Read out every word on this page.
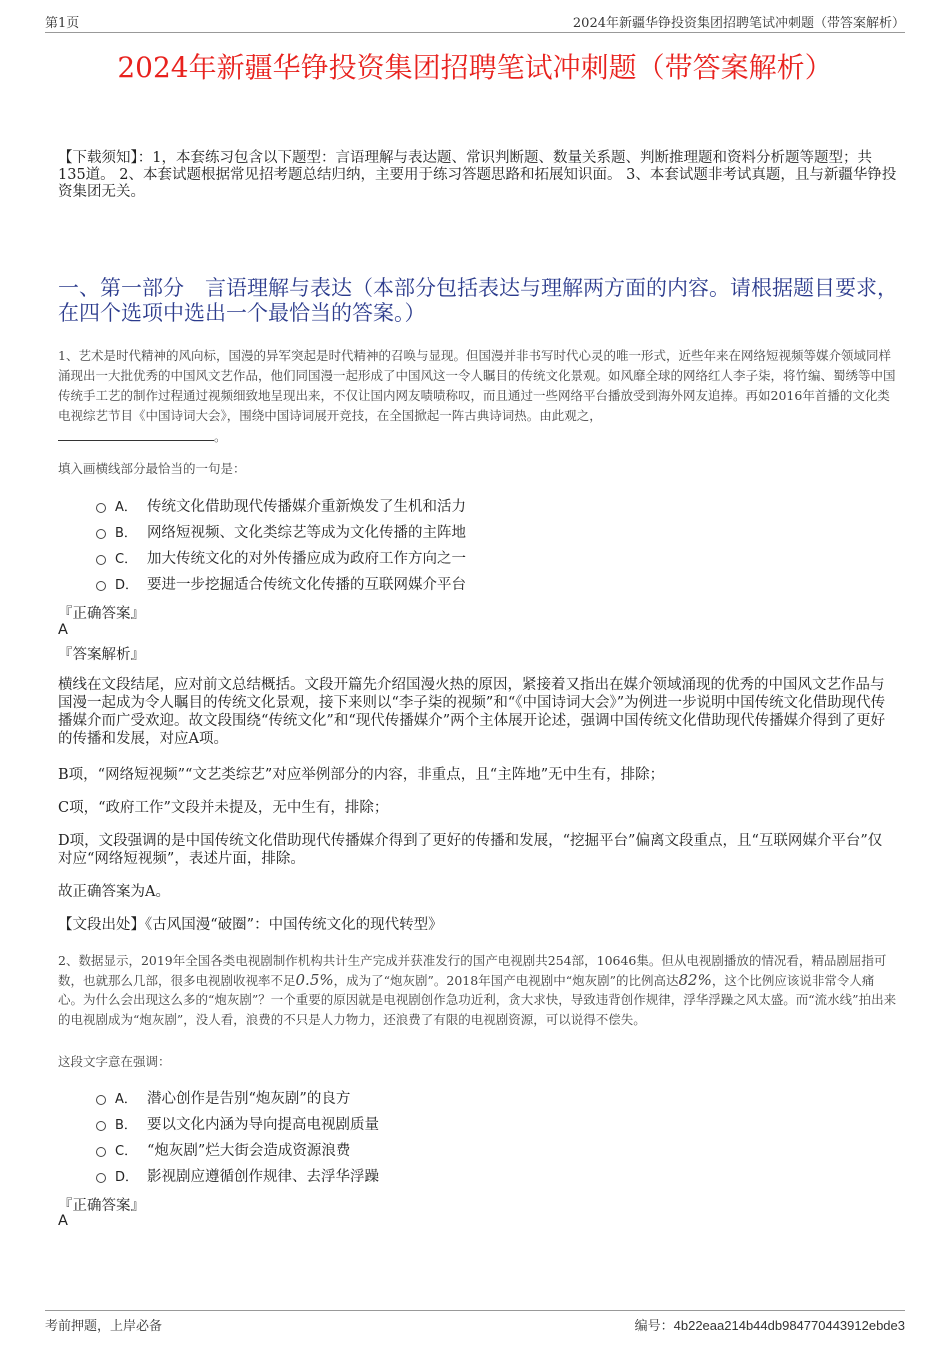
第1页	2024年新疆华铮投资集团招聘笔试冲刺题（带答案解析）
2024年新疆华铮投资集团招聘笔试冲刺题（带答案解析）
【下载须知】：1，本套练习包含以下题型：言语理解与表达题、常识判断题、数量关系题、判断推理题和资料分析题等题型；共135道。 2、本套试题根据常见招考题总结归纳，主要用于练习答题思路和拓展知识面。 3、本套试题非考试真题，且与新疆华铮投资集团无关。
一、第一部分　言语理解与表达（本部分包括表达与理解两方面的内容。请根据题目要求，在四个选项中选出一个最恰当的答案。）
1、艺术是时代精神的风向标，国漫的异军突起是时代精神的召唤与显现。但国漫并非书写时代心灵的唯一形式，近些年来在网络短视频等媒介领域同样涌现出一大批优秀的中国风文艺作品，他们同国漫一起形成了中国风这一令人瞩目的传统文化景观。如风靡全球的网络红人李子柒，将竹编、蜀绣等中国传统手工艺的制作过程通过视频细致地呈现出来，不仅让国内网友啧啧称叹，而且通过一些网络平台播放受到海外网友追捧。再如2016年首播的文化类电视综艺节目《中国诗词大会》，围绕中国诗词展开竞技，在全国掀起一阵古典诗词热。由此观之，
。
填入画横线部分最恰当的一句是：
A． 传统文化借助现代传播媒介重新焕发了生机和活力
B． 网络短视频、文化类综艺等成为文化传播的主阵地
C． 加大传统文化的对外传播应成为政府工作方向之一
D． 要进一步挖掘适合传统文化传播的互联网媒介平台
『正确答案』
A
『答案解析』
横线在文段结尾，应对前文总结概括。文段开篇先介绍国漫火热的原因，紧接着又指出在媒介领域涌现的优秀的中国风文艺作品与国漫一起成为令人瞩目的传统文化景观，接下来则以“李子柒的视频”和“《中国诗词大会》”为例进一步说明中国传统文化借助现代传播媒介而广受欢迎。故文段围绕“传统文化”和“现代传播媒介”两个主体展开论述，强调中国传统文化借助现代传播媒介得到了更好的传播和发展，对应A项。
B项，“网络短视频”“文艺类综艺”对应举例部分的内容，非重点，且“主阵地”无中生有，排除；
C项，“政府工作”文段并未提及，无中生有，排除；
D项，文段强调的是中国传统文化借助现代传播媒介得到了更好的传播和发展，“挖掘平台”偏离文段重点，且“互联网媒介平台”仅对应“网络短视频”，表述片面，排除。
故正确答案为A。
【文段出处】《古风国漫“破圈”：中国传统文化的现代转型》
2、数据显示，2019年全国各类电视剧制作机构共计生产完成并获准发行的国产电视剧共254部，10646集。但从电视剧播放的情况看，精品剧屈指可数，也就那么几部，很多电视剧收视率不足0.5%，成为了“炮灰剧”。2018年国产电视剧中“炮灰剧”的比例高达82%，这个比例应该说非常令人痛心。为什么会出现这么多的“炮灰剧”？一个重要的原因就是电视剧创作急功近利，贪大求快，导致违背创作规律，浮华浮躁之风太盛。而“流水线”拍出来的电视剧成为“炮灰剧”，没人看，浪费的不只是人力物力，还浪费了有限的电视剧资源，可以说得不偿失。
这段文字意在强调：
A． 潜心创作是告别“炮灰剧”的良方
B． 要以文化内涵为导向提高电视剧质量
C． “炮灰剧”烂大街会造成资源浪费
D． 影视剧应遵循创作规律、去浮华浮躁
『正确答案』
A
考前押题，上岸必备	编号：4b22eaa214b44db984770443912ebde3
